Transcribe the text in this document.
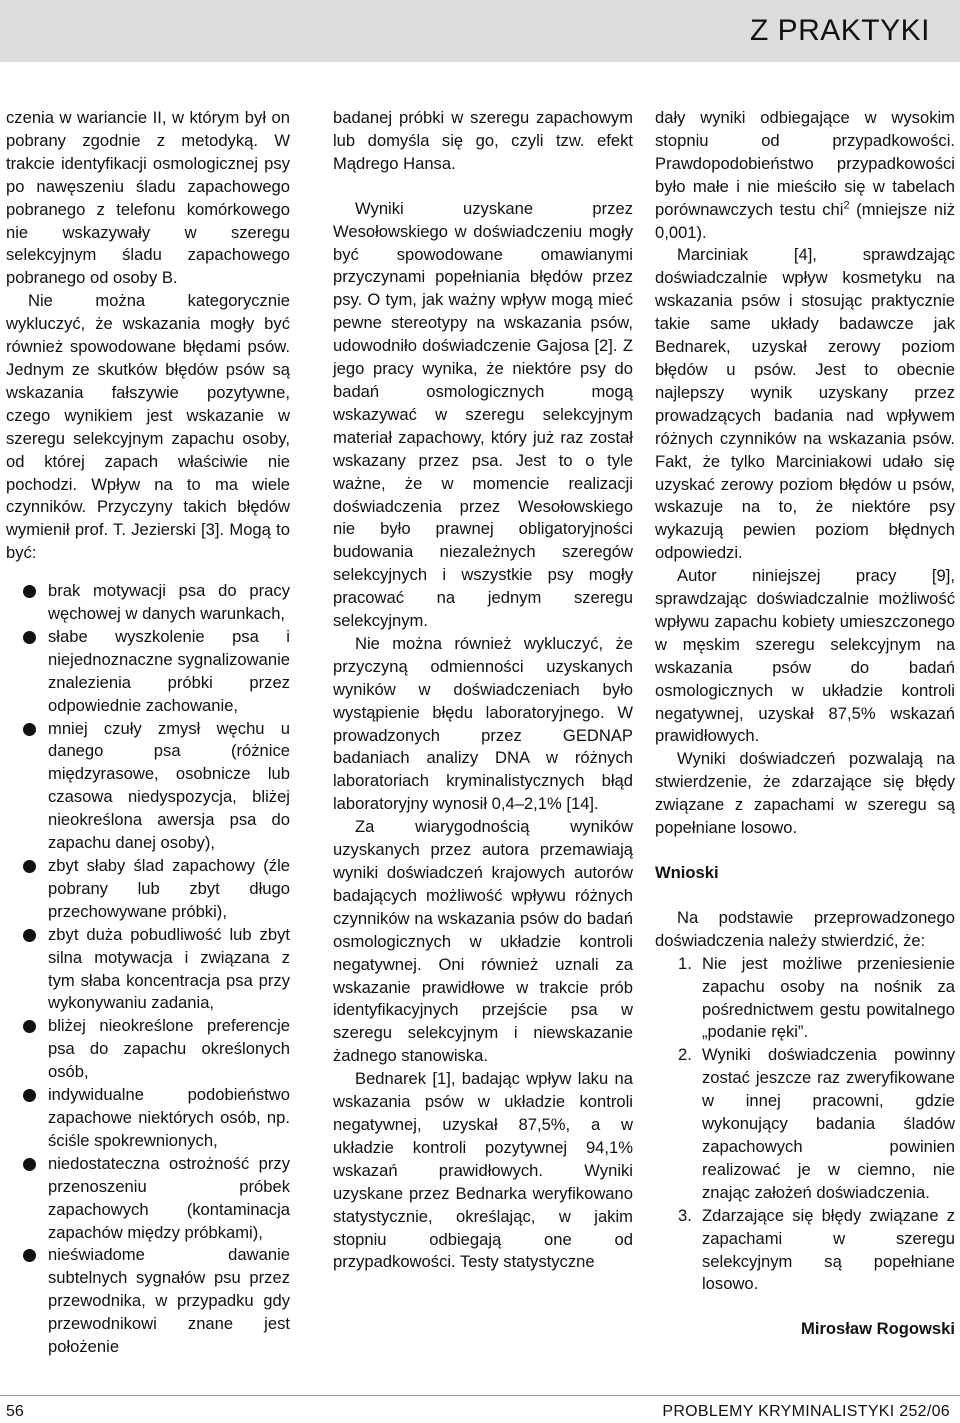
Z PRAKTYKI

czenia w wariancie II, w którym był on pobrany zgodnie z metodyką. W trakcie identyfikacji osmologicznej psy po nawęszeniu śladu zapachowego pobranego z telefonu komórkowego nie wskazywały w szeregu selekcyjnym śladu zapachowego pobranego od osoby B.

Nie można kategorycznie wykluczyć, że wskazania mogły być również spowodowane błędami psów. Jednym ze skutków błędów psów są wskazania fałszywie pozytywne, czego wynikiem jest wskazanie w szeregu selekcyjnym zapachu osoby, od której zapach właściwie nie pochodzi. Wpływ na to ma wiele czynników. Przyczyny takich błędów wymienił prof. T. Jezierski [3]. Mogą to być:

brak motywacji psa do pracy węchowej w danych warunkach,
słabe wyszkolenie psa i niejednoznaczne sygnalizowanie znalezienia próbki przez odpowiednie zachowanie,
mniej czuły zmysł węchu u danego psa (różnice międzyrasowe, osobnicze lub czasowa niedyspozycja, bliżej nieokreślona awersja psa do zapachu danej osoby),
zbyt słaby ślad zapachowy (źle pobrany lub zbyt długo przechowywane próbki),
zbyt duża pobudliwość lub zbyt silna motywacja i związana z tym słaba koncentracja psa przy wykonywaniu zadania,
bliżej nieokreślone preferencje psa do zapachu określonych osób,
indywidualne podobieństwo zapachowe niektórych osób, np. ściśle spokrewnionych,
niedostateczna ostrożność przy przenoszeniu próbek zapachowych (kontaminacja zapachów między próbkami),
nieświadome dawanie subtelnych sygnałów psu przez przewodnika, w przypadku gdy przewodnikowi znane jest położenie

badanej próbki w szeregu zapachowym lub domyśla się go, czyli tzw. efekt Mądrego Hansa.

Wyniki uzyskane przez Wesołowskiego w doświadczeniu mogły być spowodowane omawianymi przyczynami popełniania błędów przez psy. O tym, jak ważny wpływ mogą mieć pewne stereotypy na wskazania psów, udowodniło doświadczenie Gajosa [2]. Z jego pracy wynika, że niektóre psy do badań osmologicznych mogą wskazywać w szeregu selekcyjnym materiał zapachowy, który już raz został wskazany przez psa. Jest to o tyle ważne, że w momencie realizacji doświadczenia przez Wesołowskiego nie było prawnej obligatoryjności budowania niezależnych szeregów selekcyjnych i wszystkie psy mogły pracować na jednym szeregu selekcyjnym.

Nie można również wykluczyć, że przyczyną odmienności uzyskanych wyników w doświadczeniach było wystąpienie błędu laboratoryjnego. W prowadzonych przez GEDNAP badaniach analizy DNA w różnych laboratoriach kryminalistycznych błąd laboratoryjny wynosił 0,4–2,1% [14].

Za wiarygodnością wyników uzyskanych przez autora przemawiają wyniki doświadczeń krajowych autorów badających możliwość wpływu różnych czynników na wskazania psów do badań osmologicznych w układzie kontroli negatywnej. Oni również uznali za wskazanie prawidłowe w trakcie prób identyfikacyjnych przejście psa w szeregu selekcyjnym i niewskazanie żadnego stanowiska.

Bednarek [1], badając wpływ laku na wskazania psów w układzie kontroli negatywnej, uzyskał 87,5%, a w układzie kontroli pozytywnej 94,1% wskazań prawidłowych. Wyniki uzyskane przez Bednarka weryfikowano statystycznie, określając, w jakim stopniu odbiegają one od przypadkowości. Testy statystyczne

dały wyniki odbiegające w wysokim stopniu od przypadkowości. Prawdopodobieństwo przypadkowości było małe i nie mieściło się w tabelach porównawczych testu chi$^2$ (mniejsze niż 0,001).

Marciniak [4], sprawdzając doświadczalnie wpływ kosmetyku na wskazania psów i stosując praktycznie takie same układy badawcze jak Bednarek, uzyskał zerowy poziom błędów u psów. Jest to obecnie najlepszy wynik uzyskany przez prowadzących badania nad wpływem różnych czynników na wskazania psów. Fakt, że tylko Marciniakowi udało się uzyskać zerowy poziom błędów u psów, wskazuje na to, że niektóre psy wykazują pewien poziom błędnych odpowiedzi.

Autor niniejszej pracy [9], sprawdzając doświadczalnie możliwość wpływu zapachu kobiety umieszczonego w męskim szeregu selekcyjnym na wskazania psów do badań osmologicznych w układzie kontroli negatywnej, uzyskał 87,5% wskazań prawidłowych.

Wyniki doświadczeń pozwalają na stwierdzenie, że zdarzające się błędy związane z zapachami w szeregu są popełniane losowo.

Wnioski

Na podstawie przeprowadzonego doświadczenia należy stwierdzić, że:

1. Nie jest możliwe przeniesienie zapachu osoby na nośnik za pośrednictwem gestu powitalnego „podanie ręki”.
2. Wyniki doświadczenia powinny zostać jeszcze raz zweryfikowane w innej pracowni, gdzie wykonujący badania śladów zapachowych powinien realizować je w ciemno, nie znając założeń doświadczenia.
3. Zdarzające się błędy związane z zapachami w szeregu selekcyjnym są popełniane losowo.

Mirosław Rogowski

56	PROBLEMY KRYMINALISTYKI 252/06
